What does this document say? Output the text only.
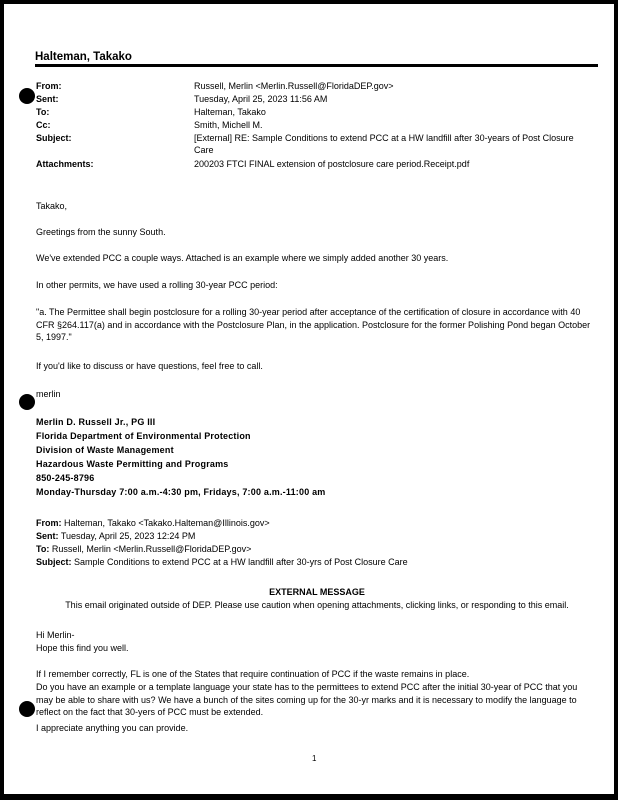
Halteman, Takako
From:	Russell, Merlin <Merlin.Russell@FloridaDEP.gov>
Sent:	Tuesday, April 25, 2023 11:56 AM
To:	Halteman, Takako
Cc:	Smith, Michell M.
Subject:	[External] RE: Sample Conditions to extend PCC at a HW landfill after 30-years of Post Closure Care
Attachments:	200203 FTCI FINAL extension of postclosure care period.Receipt.pdf
Takako,
Greetings from the sunny South.
We've extended PCC a couple ways. Attached is an example where we simply added another 30 years.
In other permits, we have used a rolling 30-year PCC period:
"a. The Permittee shall begin postclosure for a rolling 30-year period after acceptance of the certification of closure in accordance with 40 CFR §264.117(a) and in accordance with the Postclosure Plan, in the application. Postclosure for the former Polishing Pond began October 5, 1997."
If you'd like to discuss or have questions, feel free to call.
merlin
Merlin D. Russell Jr., PG III
Florida Department of Environmental Protection
Division of Waste Management
Hazardous Waste Permitting and Programs
850-245-8796
Monday-Thursday 7:00 a.m.-4:30 pm, Fridays, 7:00 a.m.-11:00 am
From: Halteman, Takako <Takako.Halteman@Illinois.gov>
Sent: Tuesday, April 25, 2023 12:24 PM
To: Russell, Merlin <Merlin.Russell@FloridaDEP.gov>
Subject: Sample Conditions to extend PCC at a HW landfill after 30-yrs of Post Closure Care
EXTERNAL MESSAGE
This email originated outside of DEP. Please use caution when opening attachments, clicking links, or responding to this email.
Hi Merlin-
Hope this find you well.
If I remember correctly, FL is one of the States that require continuation of PCC if the waste remains in place.
Do you have an example or a template language your state has to the permittees to extend PCC after the initial 30-year of PCC that you may be able to share with us? We have a bunch of the sites coming up for the 30-yr marks and it is necessary to modify the language to reflect on the fact that 30-yers of PCC must be extended.
I appreciate anything you can provide.
1
